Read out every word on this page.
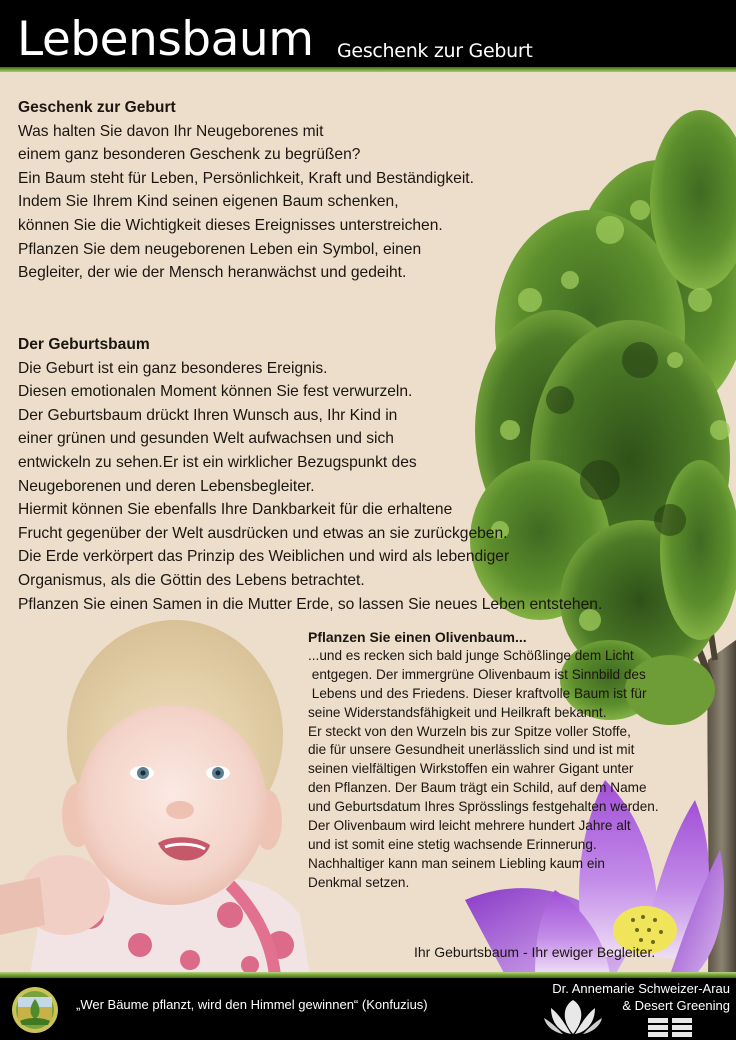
Lebensbaum Geschenk zur Geburt
Geschenk zur Geburt
Was halten Sie davon Ihr Neugeborenes mit
einem ganz besonderen Geschenk zu begrüßen?
Ein Baum steht für Leben, Persönlichkeit, Kraft und Beständigkeit.
Indem Sie Ihrem Kind seinen eigenen Baum schenken,
können Sie die Wichtigkeit dieses Ereignisses unterstreichen.
Pflanzen Sie dem neugeborenen Leben ein Symbol, einen
Begleiter, der wie der Mensch heranwächst und gedeiht.
Der Geburtsbaum
Die Geburt ist ein ganz besonderes Ereignis.
Diesen emotionalen Moment können Sie fest verwurzeln.
Der Geburtsbaum drückt Ihren Wunsch aus, Ihr Kind in
einer grünen und gesunden Welt aufwachsen und sich
entwickeln zu sehen.Er ist ein wirklicher Bezugspunkt des
Neugeborenen und deren Lebensbegleiter.
Hiermit können Sie ebenfalls Ihre Dankbarkeit für die erhaltene
Frucht gegenüber der Welt ausdrücken und etwas an sie zurückgeben.
Die Erde verkörpert das Prinzip des Weiblichen und wird als lebendiger
Organismus, als die Göttin des Lebens betrachtet.
Pflanzen Sie einen Samen in die Mutter Erde, so lassen Sie neues Leben entstehen.
Pflanzen Sie einen Olivenbaum...
...und es recken sich bald junge Schößlinge dem Licht
entgegen. Der immergrüne Olivenbaum ist Sinnbild des
Lebens und des Friedens. Dieser kraftvolle Baum ist für
seine Widerstandsfähigkeit und Heilkraft bekannt.
Er steckt von den Wurzeln bis zur Spitze voller Stoffe,
die für unsere Gesundheit unerlässlich sind und ist mit
seinen vielfältigen Wirkstoffen ein wahrer Gigant unter
den Pflanzen. Der Baum trägt ein Schild, auf dem Name
und Geburtsdatum Ihres Sprösslings festgehalten werden.
Der Olivenbaum wird leicht mehrere hundert Jahre alt
und ist somit eine stetig wachsende Erinnerung.
Nachhaltiger kann man seinem Liebling kaum ein
Denkmal setzen.
Ihr Geburtsbaum - Ihr ewiger Begleiter.
„Wer Bäume pflanzt, wird den Himmel gewinnen“ (Konfuzius)
Dr. Annemarie Schweizer-Arau
& Desert Greening
